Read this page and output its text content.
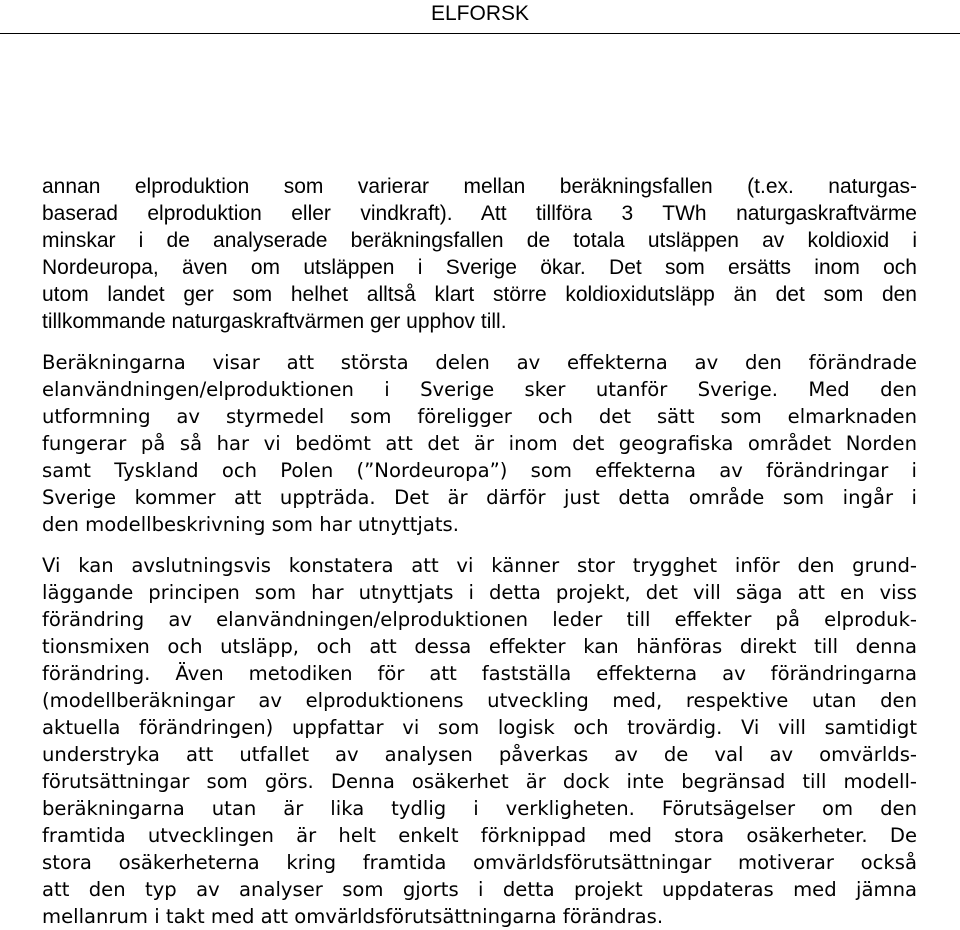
ELFORSK

annan elproduktion som varierar mellan beräkningsfallen (t.ex. naturgas-
baserad elproduktion eller vindkraft). Att tillföra 3 TWh naturgaskraftvärme
minskar i de analyserade beräkningsfallen de totala utsläppen av koldioxid i
Nordeuropa, även om utsläppen i Sverige ökar. Det som ersätts inom och
utom landet ger som helhet alltså klart större koldioxidutsläpp än det som den
tillkommande naturgaskraftvärmen ger upphov till.

Beräkningarna visar att största delen av effekterna av den förändrade
elanvändningen/elproduktionen i Sverige sker utanför Sverige. Med den
utformning av styrmedel som föreligger och det sätt som elmarknaden
fungerar på så har vi bedömt att det är inom det geografiska området Norden
samt Tyskland och Polen (”Nordeuropa”) som effekterna av förändringar i
Sverige kommer att uppträda. Det är därför just detta område som ingår i
den modellbeskrivning som har utnyttjats.

Vi kan avslutningsvis konstatera att vi känner stor trygghet inför den grund-
läggande principen som har utnyttjats i detta projekt, det vill säga att en viss
förändring av elanvändningen/elproduktionen leder till effekter på elproduk-
tionsmixen och utsläpp, och att dessa effekter kan hänföras direkt till denna
förändring. Även metodiken för att fastställa effekterna av förändringarna
(modellberäkningar av elproduktionens utveckling med, respektive utan den
aktuella förändringen) uppfattar vi som logisk och trovärdig. Vi vill samtidigt
understryka att utfallet av analysen påverkas av de val av omvärlds-
förutsättningar som görs. Denna osäkerhet är dock inte begränsad till modell-
beräkningarna utan är lika tydlig i verkligheten. Förutsägelser om den
framtida utvecklingen är helt enkelt förknippad med stora osäkerheter. De
stora osäkerheterna kring framtida omvärldsförutsättningar motiverar också
att den typ av analyser som gjorts i detta projekt uppdateras med jämna
mellanrum i takt med att omvärldsförutsättningarna förändras.
